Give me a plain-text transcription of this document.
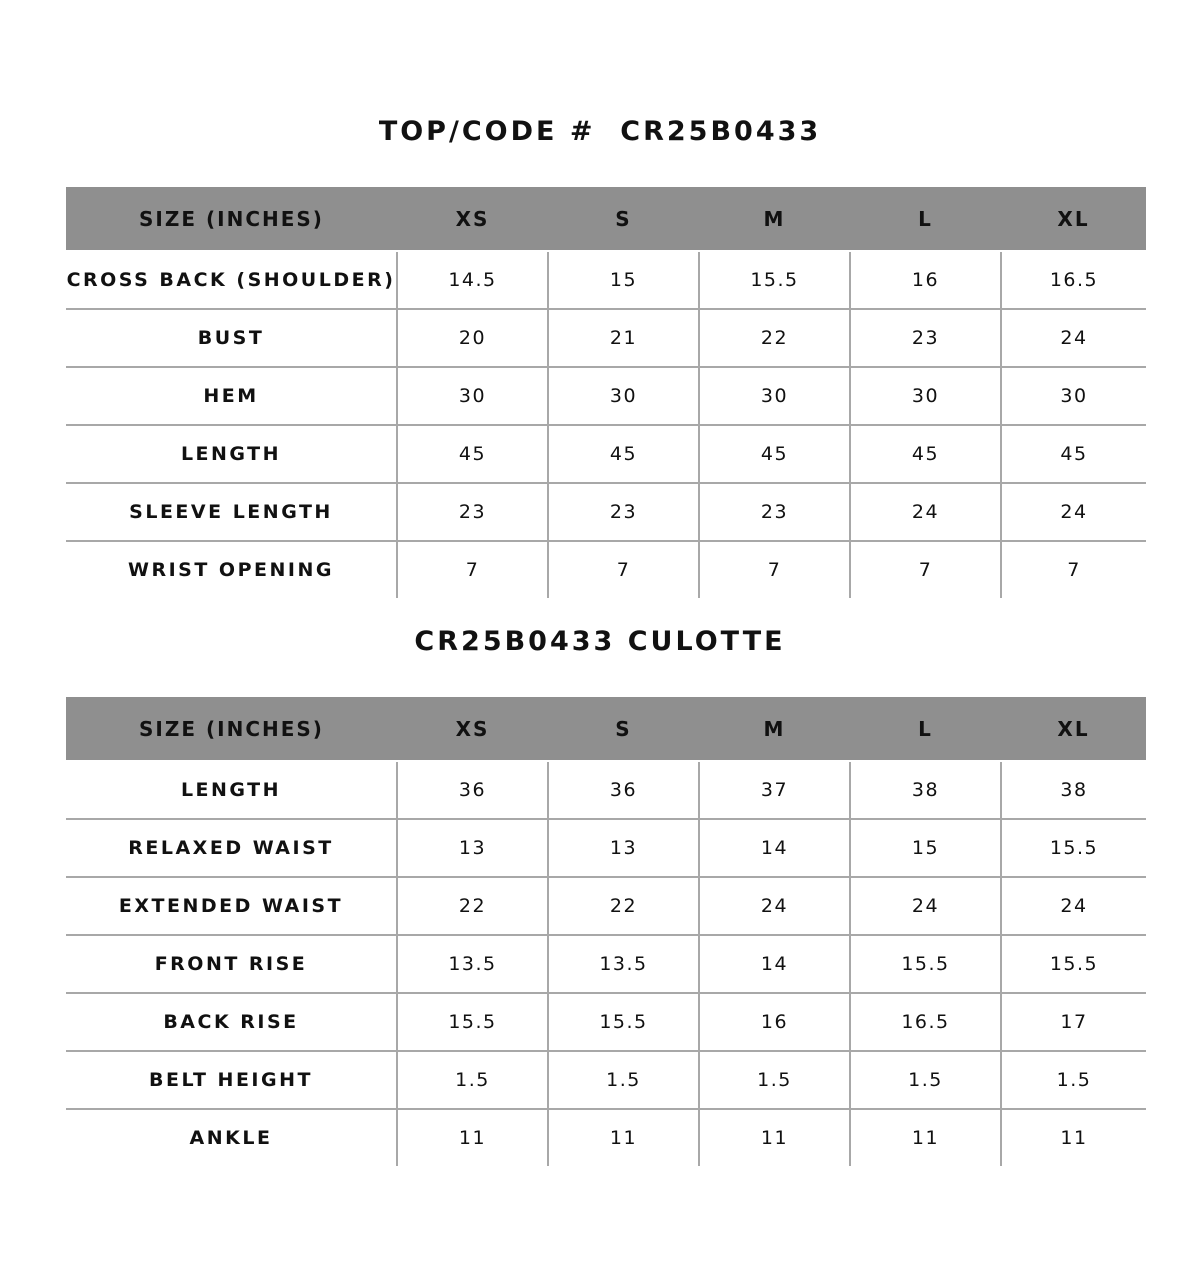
TOP/CODE #  CR25B0433
SIZE (INCHES)	XS	S	M	L	XL
CROSS BACK (SHOULDER)	14.5	15	15.5	16	16.5
BUST	20	21	22	23	24
HEM	30	30	30	30	30
LENGTH	45	45	45	45	45
SLEEVE LENGTH	23	23	23	24	24
WRIST OPENING	7	7	7	7	7
CR25B0433 CULOTTE
SIZE (INCHES)	XS	S	M	L	XL
LENGTH	36	36	37	38	38
RELAXED WAIST	13	13	14	15	15.5
EXTENDED WAIST	22	22	24	24	24
FRONT RISE	13.5	13.5	14	15.5	15.5
BACK RISE	15.5	15.5	16	16.5	17
BELT HEIGHT	1.5	1.5	1.5	1.5	1.5
ANKLE	11	11	11	11	11
